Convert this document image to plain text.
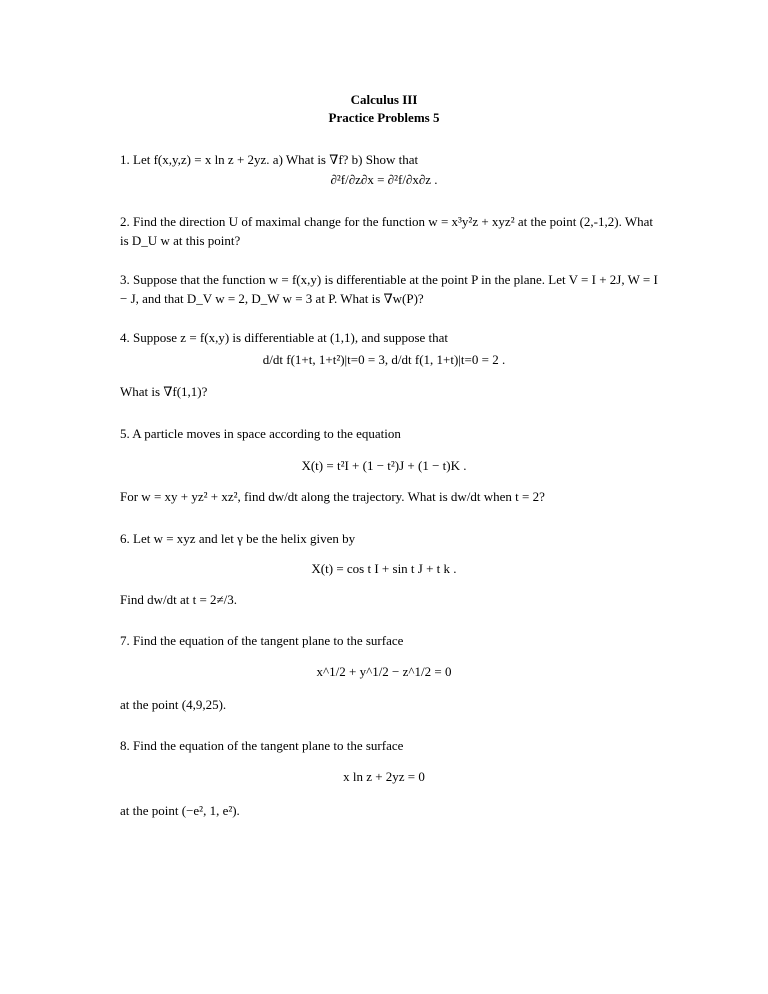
Calculus III
Practice Problems 5
1. Let f(x,y,z) = x ln z + 2yz. a) What is ∇f? b) Show that
∂²f/∂z∂x = ∂²f/∂x∂z .
2. Find the direction U of maximal change for the function w = x³y²z + xyz² at the point (2,-1,2). What is D_U w at this point?
3. Suppose that the function w = f(x,y) is differentiable at the point P in the plane. Let V = I + 2J, W = I − J, and that D_V w = 2, D_W w = 3 at P. What is ∇w(P)?
4. Suppose z = f(x,y) is differentiable at (1,1), and suppose that
d/dt f(1+t, 1+t²)|t=0 = 3, d/dt f(1, 1+t)|t=0 = 2 .
What is ∇f(1,1)?
5. A particle moves in space according to the equation
X(t) = t²I + (1 − t²)J + (1 − t)K .
For w = xy + yz² + xz², find dw/dt along the trajectory. What is dw/dt when t = 2?
6. Let w = xyz and let γ be the helix given by
X(t) = cos t I + sin t J + t k .
Find dw/dt at t = 2≠/3.
7. Find the equation of the tangent plane to the surface
x^1/2 + y^1/2 − z^1/2 = 0
at the point (4,9,25).
8. Find the equation of the tangent plane to the surface
x ln z + 2yz = 0
at the point (−e², 1, e²).
